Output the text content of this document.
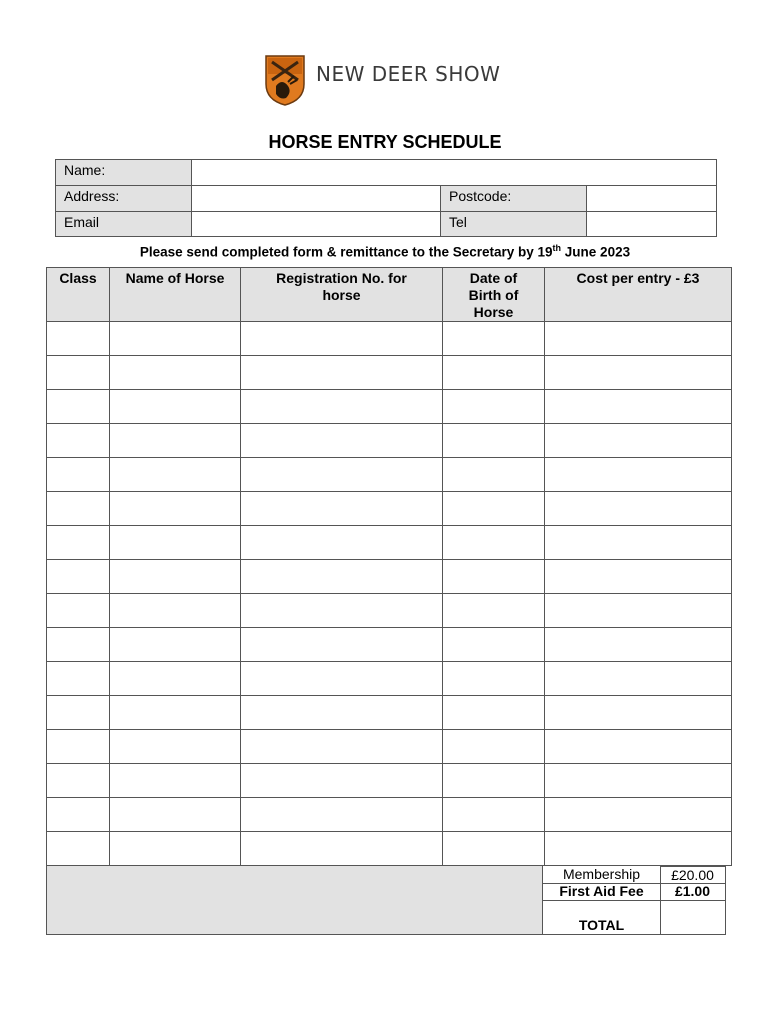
NEW DEER SHOW
HORSE ENTRY SCHEDULE
Name:
Address:	Postcode:
Email	Tel
Please send completed form & remittance to the Secretary by 19th June 2023
Class	Name of Horse	Registration No. for horse	Date of Birth of Horse	Cost per entry - £3

Membership	£20.00
First Aid Fee	£1.00
TOTAL
